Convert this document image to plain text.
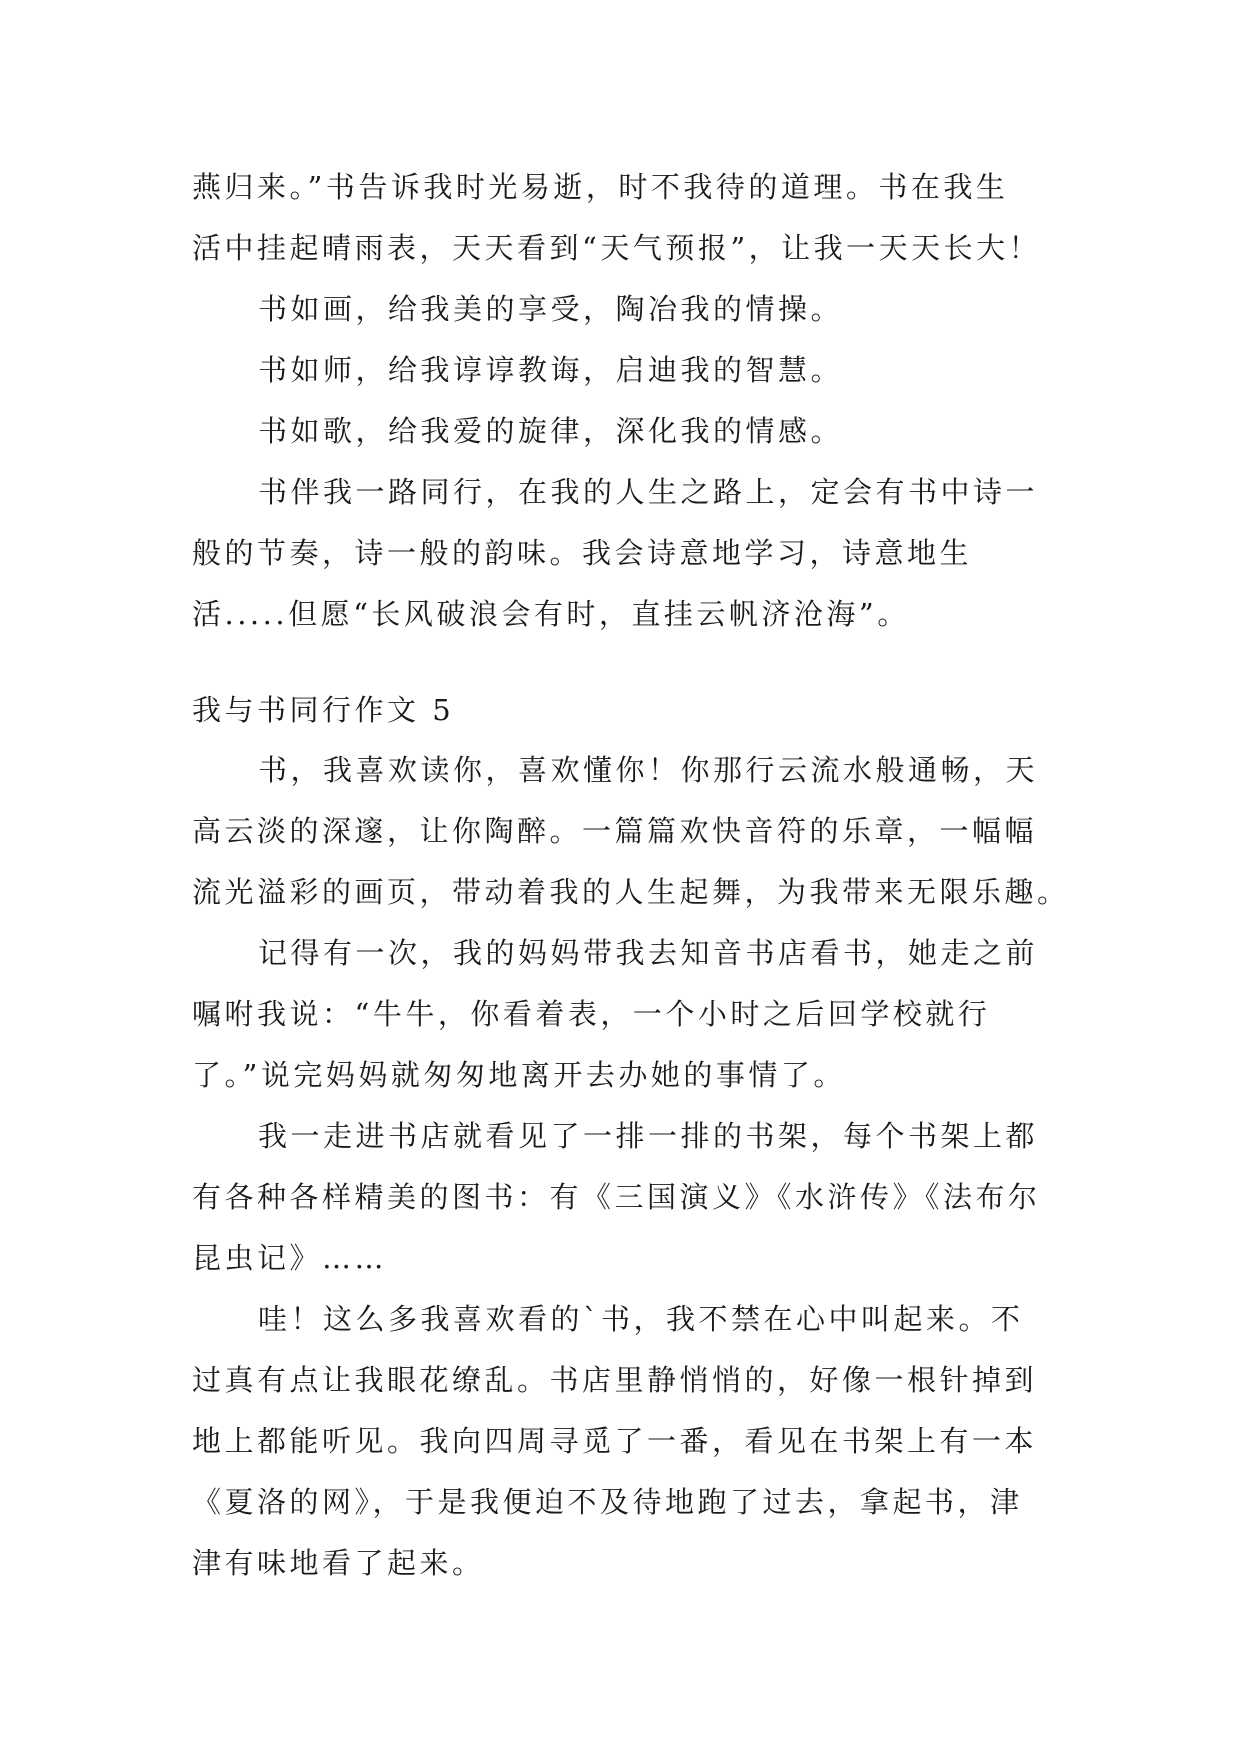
燕归来。”书告诉我时光易逝，时不我待的道理。书在我生
活中挂起晴雨表，天天看到“天气预报”，让我一天天长大！
书如画，给我美的享受，陶冶我的情操。
书如师，给我谆谆教诲，启迪我的智慧。
书如歌，给我爱的旋律，深化我的情感。
书伴我一路同行，在我的人生之路上，定会有书中诗一
般的节奏，诗一般的韵味。我会诗意地学习，诗意地生
活.....但愿“长风破浪会有时，直挂云帆济沧海”。
我与书同行作文 5
书，我喜欢读你，喜欢懂你！你那行云流水般通畅，天
高云淡的深邃，让你陶醉。一篇篇欢快音符的乐章，一幅幅
流光溢彩的画页，带动着我的人生起舞，为我带来无限乐趣。
记得有一次，我的妈妈带我去知音书店看书，她走之前
嘱咐我说：“牛牛，你看着表，一个小时之后回学校就行
了。”说完妈妈就匆匆地离开去办她的事情了。
我一走进书店就看见了一排一排的书架，每个书架上都
有各种各样精美的图书：有《三国演义》《水浒传》《法布尔
昆虫记》……
哇！这么多我喜欢看的`书，我不禁在心中叫起来。不
过真有点让我眼花缭乱。书店里静悄悄的，好像一根针掉到
地上都能听见。我向四周寻觅了一番，看见在书架上有一本
《夏洛的网》，于是我便迫不及待地跑了过去，拿起书，津
津有味地看了起来。
